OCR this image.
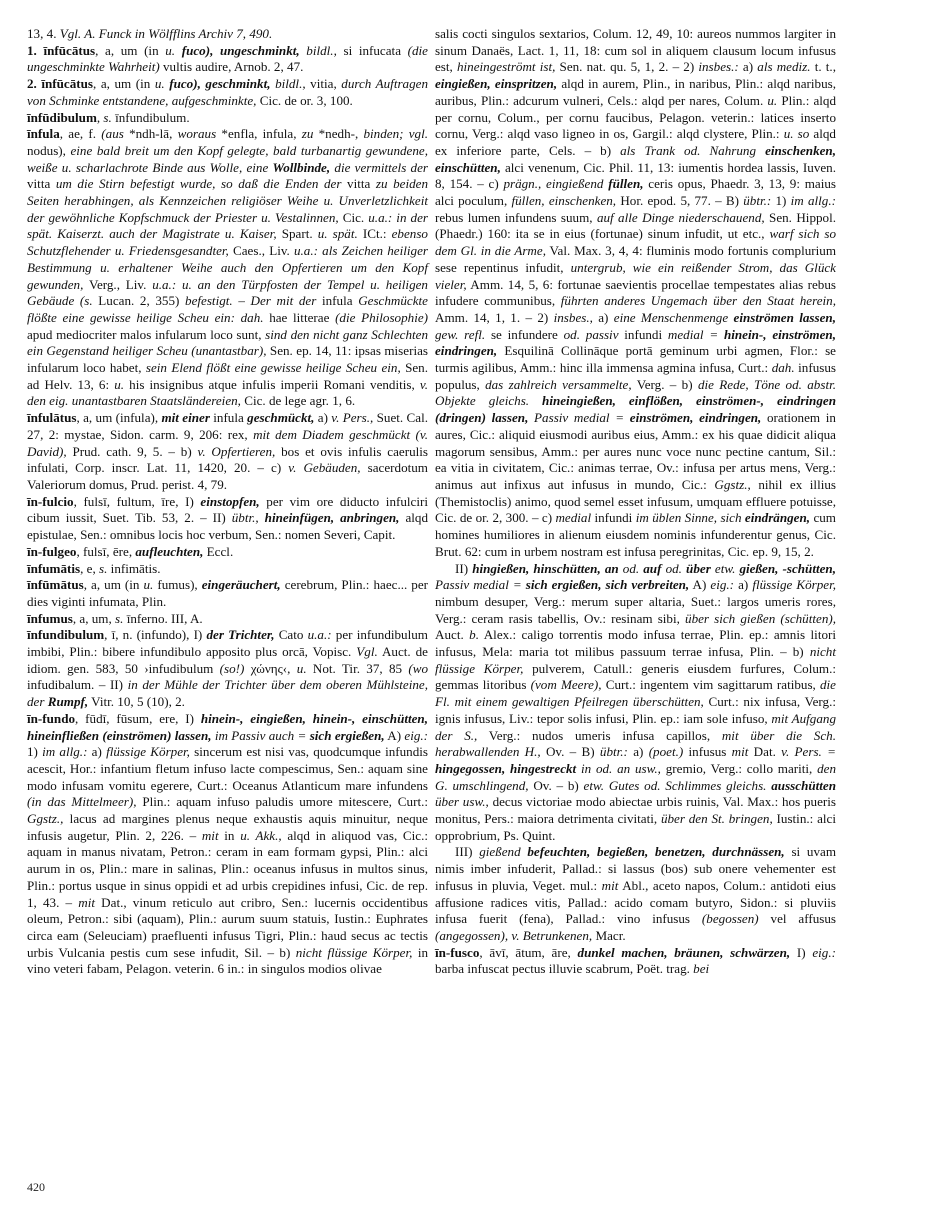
13, 4. Vgl. A. Funck in Wölfflins Archiv 7, 490.

1. īnfūcātus, a, um (in u. fuco), ungeschminkt, bildl., si infucata (die ungeschminkte Wahrheit) vultis audire, Arnob. 2, 47.

2. īnfūcātus, a, um (in u. fuco), geschminkt, bildl., vitia, durch Auftragen von Schminke entstandene, aufgeschminkte, Cic. de or. 3, 100.

īnfūdibulum, s. īnfundibulum.

īnfula, ae, f. (aus *ndh-lā, woraus *enfla, infula, zu *nedh-, binden; vgl. nodus), eine bald breit um den Kopf gelegte, bald turbanartig gewundene, weiße u. scharlachrote Binde aus Wolle, eine Wollbinde, die vermittels der vitta um die Stirn befestigt wurde, so daß die Enden der vitta zu beiden Seiten herabhingen, als Kennzeichen religiöser Weihe u. Unverletzlichkeit der gewöhnliche Kopfschmuck der Priester u. Vestalinnen, Cic. u.a.: in der spät. Kaiserzt. auch der Magistrate u. Kaiser, Spart. u. spät. ICt.: ebenso Schutzflehender u. Friedensgesandter, Caes., Liv. u.a.: als Zeichen heiliger Bestimmung u. erhaltener Weihe auch den Opfertieren um den Kopf gewunden, Verg., Liv. u.a.: u. an den Türpfosten der Tempel u. heiligen Gebäude (s. Lucan. 2, 355) befestigt. – Der mit der infula Geschmückte flößte eine gewisse heilige Scheu ein: dah. hae litterae (die Philosophie) apud mediocriter malos infularum loco sunt, sind den nicht ganz Schlechten ein Gegenstand heiliger Scheu (unantastbar), Sen. ep. 14, 11: ipsas miserias infularum loco habet, sein Elend flößt eine gewisse heilige Scheu ein, Sen. ad Helv. 13, 6: u. his insignibus atque infulis imperii Romani venditis, v. den eig. unantastbaren Staatsländereien, Cic. de lege agr. 1, 6.

īnfulātus, a, um (infula), mit einer infula geschmückt, a) v. Pers., Suet. Cal. 27, 2: mystae, Sidon. carm. 9, 206: rex, mit dem Diadem geschmückt (v. David), Prud. cath. 9, 5. – b) v. Opfertieren, bos et ovis infulis caerulis infulati, Corp. inscr. Lat. 11, 1420, 20. – c) v. Gebäuden, sacerdotum Valeriorum domus, Prud. perist. 4, 79.

īn-fulcio, fulsī, fultum, īre, I) einstopfen, per vim ore diducto infulciri cibum iussit, Suet. Tib. 53, 2. – II) übtr., hineinfügen, anbringen, alqd epistulae, Sen.: omnibus locis hoc verbum, Sen.: nomen Severi, Capit.

īn-fulgeo, fulsī, ēre, aufleuchten, Eccl.

īnfumātis, e, s. infimātis.

īnfūmātus, a, um (in u. fumus), eingeräuchert, cerebrum, Plin.: haec... per dies viginti infumata, Plin.

īnfumus, a, um, s. īnferno. III, A.

īnfundibulum, ī, n. (infundo), I) der Trichter, Cato u.a.: per infundibulum imbibi, Plin.: bibere infundibulo apposito plus orcā, Vopisc. Vgl. Auct. de idiom. gen. 583, 50 ›infudibulum (so!) χώνης‹, u. Not. Tir. 37, 85 (wo infudibalum. – II) in der Mühle der Trichter über dem oberen Mühlsteine, der Rumpf, Vitr. 10, 5 (10), 2.

īn-fundo, fūdī, fūsum, ere, I) hinein-, eingießen, hinein-, einschütten, hineinfließen (einströmen) lassen, im Passiv auch = sich ergießen, A) eig.: 1) im allg.: a) flüssige Körper, sincerum est nisi vas, quodcumque infundis acescit, Hor.: infantium fletum infuso lacte compescimus, Sen.: aquam sine modo infusam vomitu egerere, Curt.: Oceanus Atlanticum mare infundens (in das Mittelmeer), Plin.: aquam infuso paludis umore mitescere, Curt.: Ggstz., lacus ad margines plenus neque exhaustis aquis minuitur, neque infusis augetur, Plin. 2, 226. – mit in u. Akk., alqd in aliquod vas, Cic.: aquam in manus nivatam, Petron.: ceram in eam formam gypsi, Plin.: alci aurum in os, Plin.: mare in salinas, Plin.: oceanus infusus in multos sinus, Plin.: portus usque in sinus oppidi et ad urbis crepidines infusi, Cic. de rep. 1, 43. – mit Dat., vinum reticulo aut cribro, Sen.: lucernis occidentibus oleum, Petron.: sibi (aquam), Plin.: aurum suum statuis, Iustin.: Euphrates circa eam (Seleuciam) praefluenti infusus Tigri, Plin.: haud secus ac tectis urbis Vulcania pestis cum sese infudit, Sil. – b) nicht flüssige Körper, in vino veteri fabam, Pelagon. veterin. 6 in.: in singulos modios olivae

salis cocti singulos sextarios, Colum. 12, 49, 10: aureos nummos largiter in sinum Danaës, Lact. 1, 11, 18: cum sol in aliquem clausum locum infusus est, hineingeströmt ist, Sen. nat. qu. 5, 1, 2. – 2) insbes.: a) als mediz. t. t., eingießen, einspritzen, alqd in aurem, Plin., in naribus, Plin.: alqd naribus, auribus, Plin.: adcurum vulneri, Cels.: alqd per nares, Colum. u. Plin.: alqd per cornu, Colum., per cornu faucibus, Pelagon. veterin.: latices inserto cornu, Verg.: alqd vaso ligneo in os, Gargil.: alqd clystere, Plin.: u. so alqd ex inferiore parte, Cels. – b) als Trank od. Nahrung einschenken, einschütten, alci venenum, Cic. Phil. 11, 13: iumentis hordea lassis, Iuven. 8, 154. – c) prägn., eingießend füllen, ceris opus, Phaedr. 3, 13, 9: maius alci poculum, füllen, einschenken, Hor. epod. 5, 77. – B) übtr.: 1) im allg.: rebus lumen infundens suum, auf alle Dinge niederschauend, Sen. Hippol. (Phaedr.) 160: ita se in eius (fortunae) sinum infudit, ut etc., warf sich so dem Gl. in die Arme, Val. Max. 3, 4, 4: fluminis modo fortunis complurium sese repentinus infudit, untergrub, wie ein reißender Strom, das Glück vieler, Amm. 14, 5, 6: fortunae saevientis procellae tempestates alias rebus infudere communibus, führten anderes Ungemach über den Staat herein, Amm. 14, 1, 1. – 2) insbes., a) eine Menschenmenge einströmen lassen, gew. refl. se infundere od. passiv infundi medial = hinein-, einströmen, eindringen, Esquilinā Collināque portā geminum urbi agmen, Flor.: se turmis agilibus, Amm.: hinc illa immensa agmina infusa, Curt.: dah. infusus populus, das zahlreich versammelte, Verg. – b) die Rede, Töne od. abstr. Objekte gleichs. hineingießen, einflößen, einströmen-, eindringen (dringen) lassen, Passiv medial = einströmen, eindringen, orationem in aures, Cic.: aliquid eiusmodi auribus eius, Amm.: ex his quae didicit aliqua magorum sensibus, Amm.: per aures nunc voce nunc pectine cantum, Sil.: ea vitia in civitatem, Cic.: animas terrae, Ov.: infusa per artus mens, Verg.: animus aut infixus aut infusus in mundo, Cic.: Ggstz., nihil ex illius (Themistoclis) animo, quod semel esset infusum, umquam effluere potuisse, Cic. de or. 2, 300. – c) medial infundi im üblen Sinne, sich eindrängen, cum homines humiliores in alienum eiusdem nominis infunderentur genus, Cic. Brut. 62: cum in urbem nostram est infusa peregrinitas, Cic. ep. 9, 15, 2.

II) hingießen, hinschütten, an od. auf od. über etw. gießen, -schütten, Passiv medial = sich ergießen, sich verbreiten, A) eig.: a) flüssige Körper, nimbum desuper, Verg.: merum super altaria, Suet.: largos umeris rores, Verg.: ceram rasis tabellis, Ov.: resinam sibi, über sich gießen (schütten), Auct. b. Alex.: caligo torrentis modo infusa terrae, Plin. ep.: amnis litori infusus, Mela: maria tot milibus passuum terrae infusa, Plin. – b) nicht flüssige Körper, pulverem, Catull.: generis eiusdem furfures, Colum.: gemmas litoribus (vom Meere), Curt.: ingentem vim sagittarum ratibus, die Fl. mit einem gewaltigen Pfeilregen überschütten, Curt.: nix infusa, Verg.: ignis infusus, Liv.: tepor solis infusi, Plin. ep.: iam sole infuso, mit Aufgang der S., Verg.: nudos umeris infusa capillos, mit über die Sch. herabwallenden H., Ov. – B) übtr.: a) (poet.) infusus mit Dat. v. Pers. = hingegossen, hingestreckt in od. an usw., gremio, Verg.: collo mariti, den G. umschlingend, Ov. – b) etw. Gutes od. Schlimmes gleichs. ausschütten über usw., decus victoriae modo abiectae urbis ruinis, Val. Max.: hos pueris monitus, Pers.: maiora detrimenta civitati, über den St. bringen, Iustin.: alci opprobrium, Ps. Quint.

III) gießend befeuchten, begießen, benetzen, durchnässen, si uvam nimis imber infuderit, Pallad.: si lassus (bos) sub onere vehementer est infusus in pluvia, Veget. mul.: mit Abl., aceto napos, Colum.: antidoti eius affusione radices vitis, Pallad.: acido comam butyro, Sidon.: si pluviis infusa fuerit (fena), Pallad.: vino infusus (begossen) vel affusus (angegossen), v. Betrunkenen, Macr.

īn-fusco, āvī, ātum, āre, dunkel machen, bräunen, schwärzen, I) eig.: barba infuscat pectus illuvie scabrum, Poët. trag. bei

420
